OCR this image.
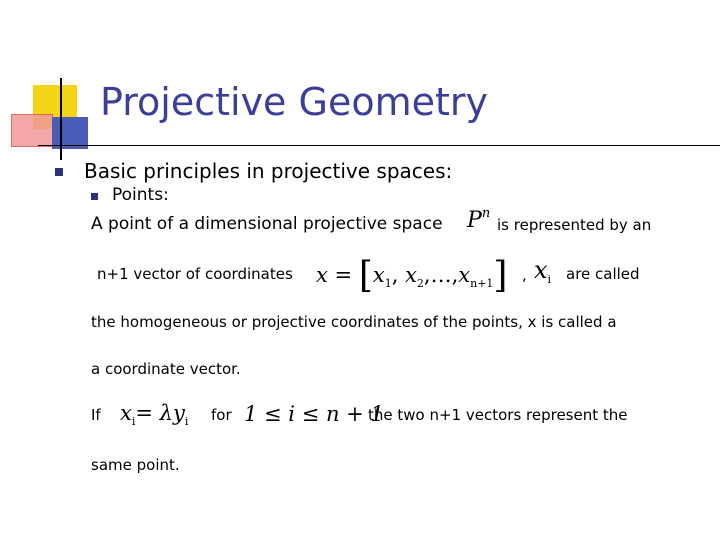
Projective Geometry
Basic principles in projective spaces:
Points:
A point of a dimensional projective space $P^n$
is represented by an
n+1 vector of coordinates $x = [x_1$, $x_2,\dots,x_{n+1}$] , $x_i$ are called
the homogeneous or projective coordinates of the points, x is called a
a coordinate vector.
If $x_i= \lambda y_i$ for 1 ≤ i ≤ n + 1
the two n+1 vectors represent the
same point.
